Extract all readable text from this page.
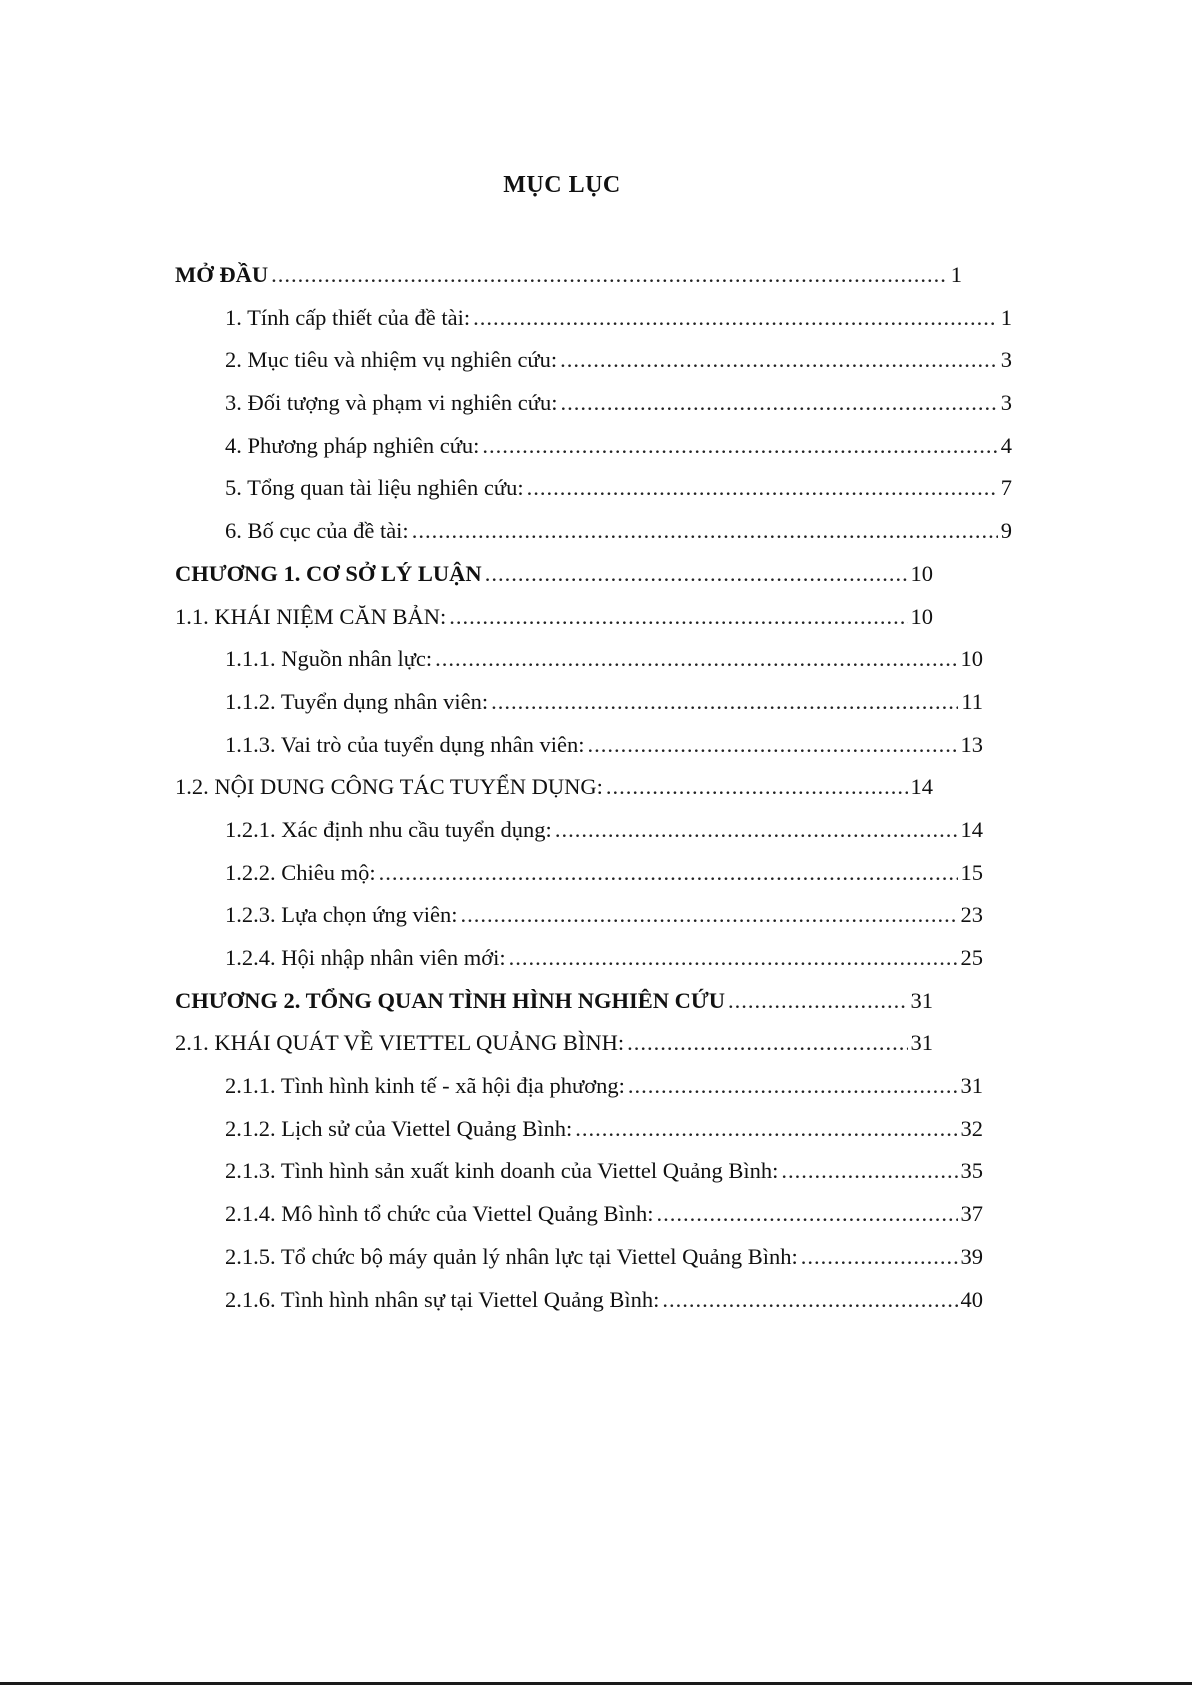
MỤC LỤC
MỞ ĐẦU .....	1
1. Tính cấp thiết của đề tài: .....	1
2. Mục tiêu và nhiệm vụ nghiên cứu: .....	3
3. Đối tượng và phạm vi nghiên cứu: .....	3
4. Phương pháp nghiên cứu: .....	4
5. Tổng quan tài liệu nghiên cứu: .....	7
6. Bố cục của đề tài: .....	9
CHƯƠNG 1. CƠ SỞ LÝ LUẬN .....	10
1.1. KHÁI NIỆM CĂN BẢN: .....	10
1.1.1. Nguồn nhân lực: .....	10
1.1.2. Tuyển dụng nhân viên: .....	11
1.1.3. Vai trò của tuyển dụng nhân viên: .....	13
1.2. NỘI DUNG CÔNG TÁC TUYỂN DỤNG: .....	14
1.2.1. Xác định nhu cầu tuyển dụng: .....	14
1.2.2. Chiêu mộ: .....	15
1.2.3. Lựa chọn ứng viên: .....	23
1.2.4. Hội nhập nhân viên mới: .....	25
CHƯƠNG 2. TỔNG QUAN TÌNH HÌNH NGHIÊN CỨU .....	31
2.1. KHÁI QUÁT VỀ VIETTEL QUẢNG BÌNH: .....	31
2.1.1. Tình hình kinh tế - xã hội địa phương: .....	31
2.1.2. Lịch sử của Viettel Quảng Bình: .....	32
2.1.3. Tình hình sản xuất kinh doanh của Viettel Quảng Bình: .....	35
2.1.4. Mô hình tổ chức của Viettel Quảng Bình: .....	37
2.1.5. Tổ chức bộ máy quản lý nhân lực tại Viettel Quảng Bình: .....	39
2.1.6. Tình hình nhân sự tại Viettel Quảng Bình: .....	40
